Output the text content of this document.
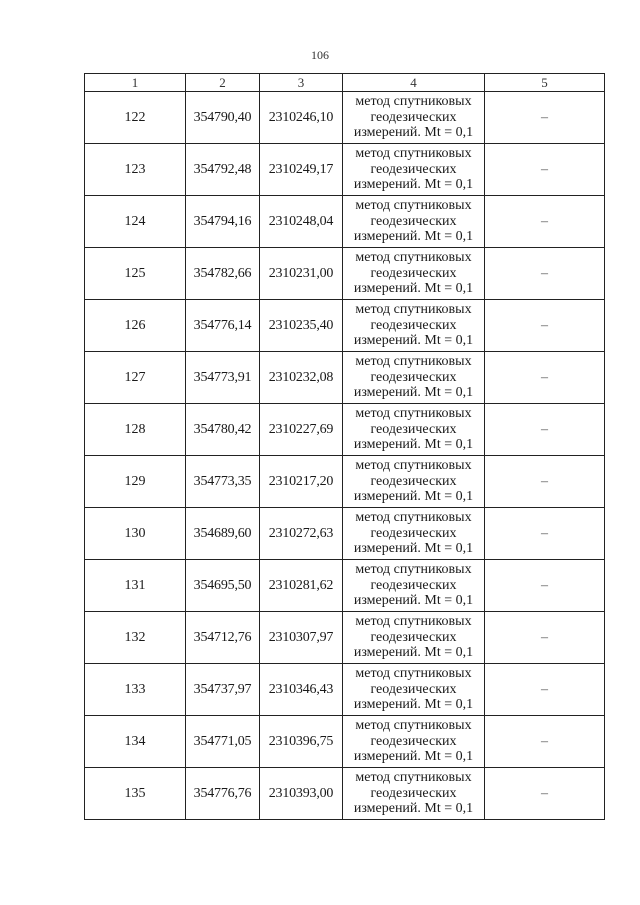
106
1	2	3	4	5
122	354790,40	2310246,10	метод спутниковых геодезических измерений. Mt = 0,1	–
123	354792,48	2310249,17	метод спутниковых геодезических измерений. Mt = 0,1	–
124	354794,16	2310248,04	метод спутниковых геодезических измерений. Mt = 0,1	–
125	354782,66	2310231,00	метод спутниковых геодезических измерений. Mt = 0,1	–
126	354776,14	2310235,40	метод спутниковых геодезических измерений. Mt = 0,1	–
127	354773,91	2310232,08	метод спутниковых геодезических измерений. Mt = 0,1	–
128	354780,42	2310227,69	метод спутниковых геодезических измерений. Mt = 0,1	–
129	354773,35	2310217,20	метод спутниковых геодезических измерений. Mt = 0,1	–
130	354689,60	2310272,63	метод спутниковых геодезических измерений. Mt = 0,1	–
131	354695,50	2310281,62	метод спутниковых геодезических измерений. Mt = 0,1	–
132	354712,76	2310307,97	метод спутниковых геодезических измерений. Mt = 0,1	–
133	354737,97	2310346,43	метод спутниковых геодезических измерений. Mt = 0,1	–
134	354771,05	2310396,75	метод спутниковых геодезических измерений. Mt = 0,1	–
135	354776,76	2310393,00	метод спутниковых геодезических измерений. Mt = 0,1	–
